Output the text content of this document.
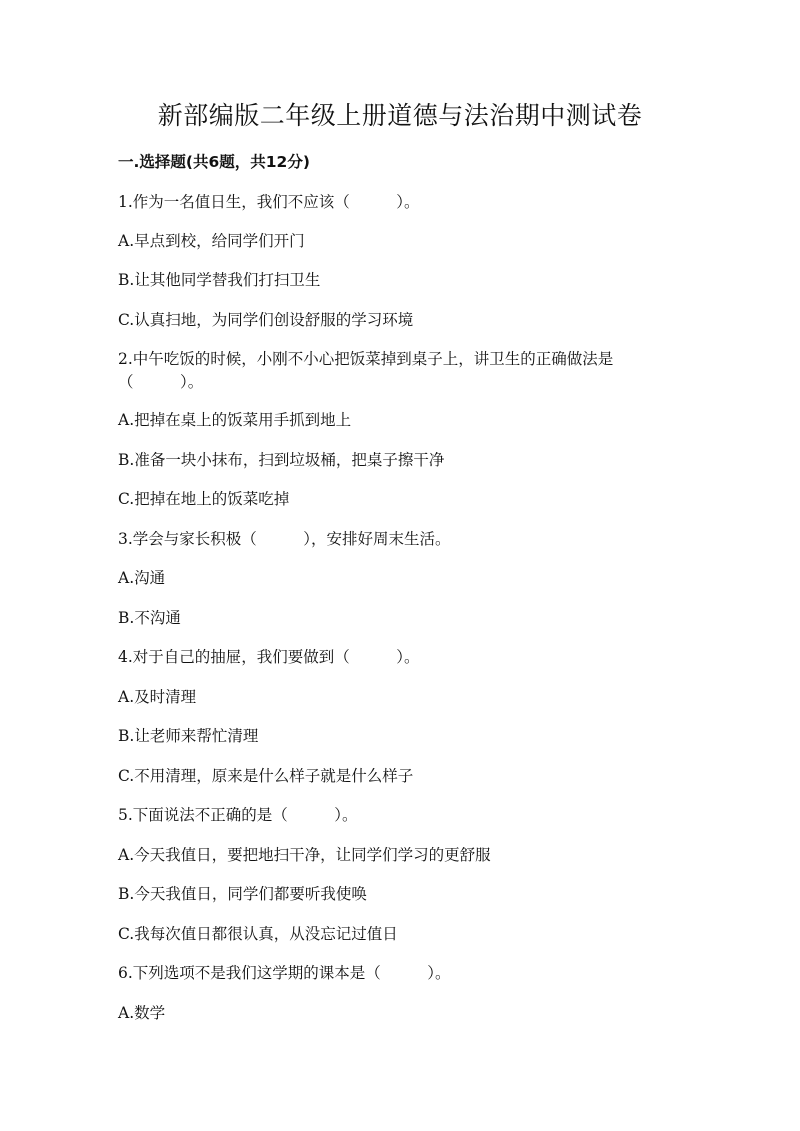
新部编版二年级上册道德与法治期中测试卷
一.选择题(共6题，共12分)
1.作为一名值日生，我们不应该（　　　）。
A.早点到校，给同学们开门
B.让其他同学替我们打扫卫生
C.认真扫地，为同学们创设舒服的学习环境
2.中午吃饭的时候，小刚不小心把饭菜掉到桌子上，讲卫生的正确做法是
（　　　）。
A.把掉在桌上的饭菜用手抓到地上
B.准备一块小抹布，扫到垃圾桶，把桌子擦干净
C.把掉在地上的饭菜吃掉
3.学会与家长积极（　　　），安排好周末生活。
A.沟通
B.不沟通
4.对于自己的抽屉，我们要做到（　　　）。
A.及时清理
B.让老师来帮忙清理
C.不用清理，原来是什么样子就是什么样子
5.下面说法不正确的是（　　　）。
A.今天我值日，要把地扫干净，让同学们学习的更舒服
B.今天我值日，同学们都要听我使唤
C.我每次值日都很认真，从没忘记过值日
6.下列选项不是我们这学期的课本是（　　　）。
A.数学
